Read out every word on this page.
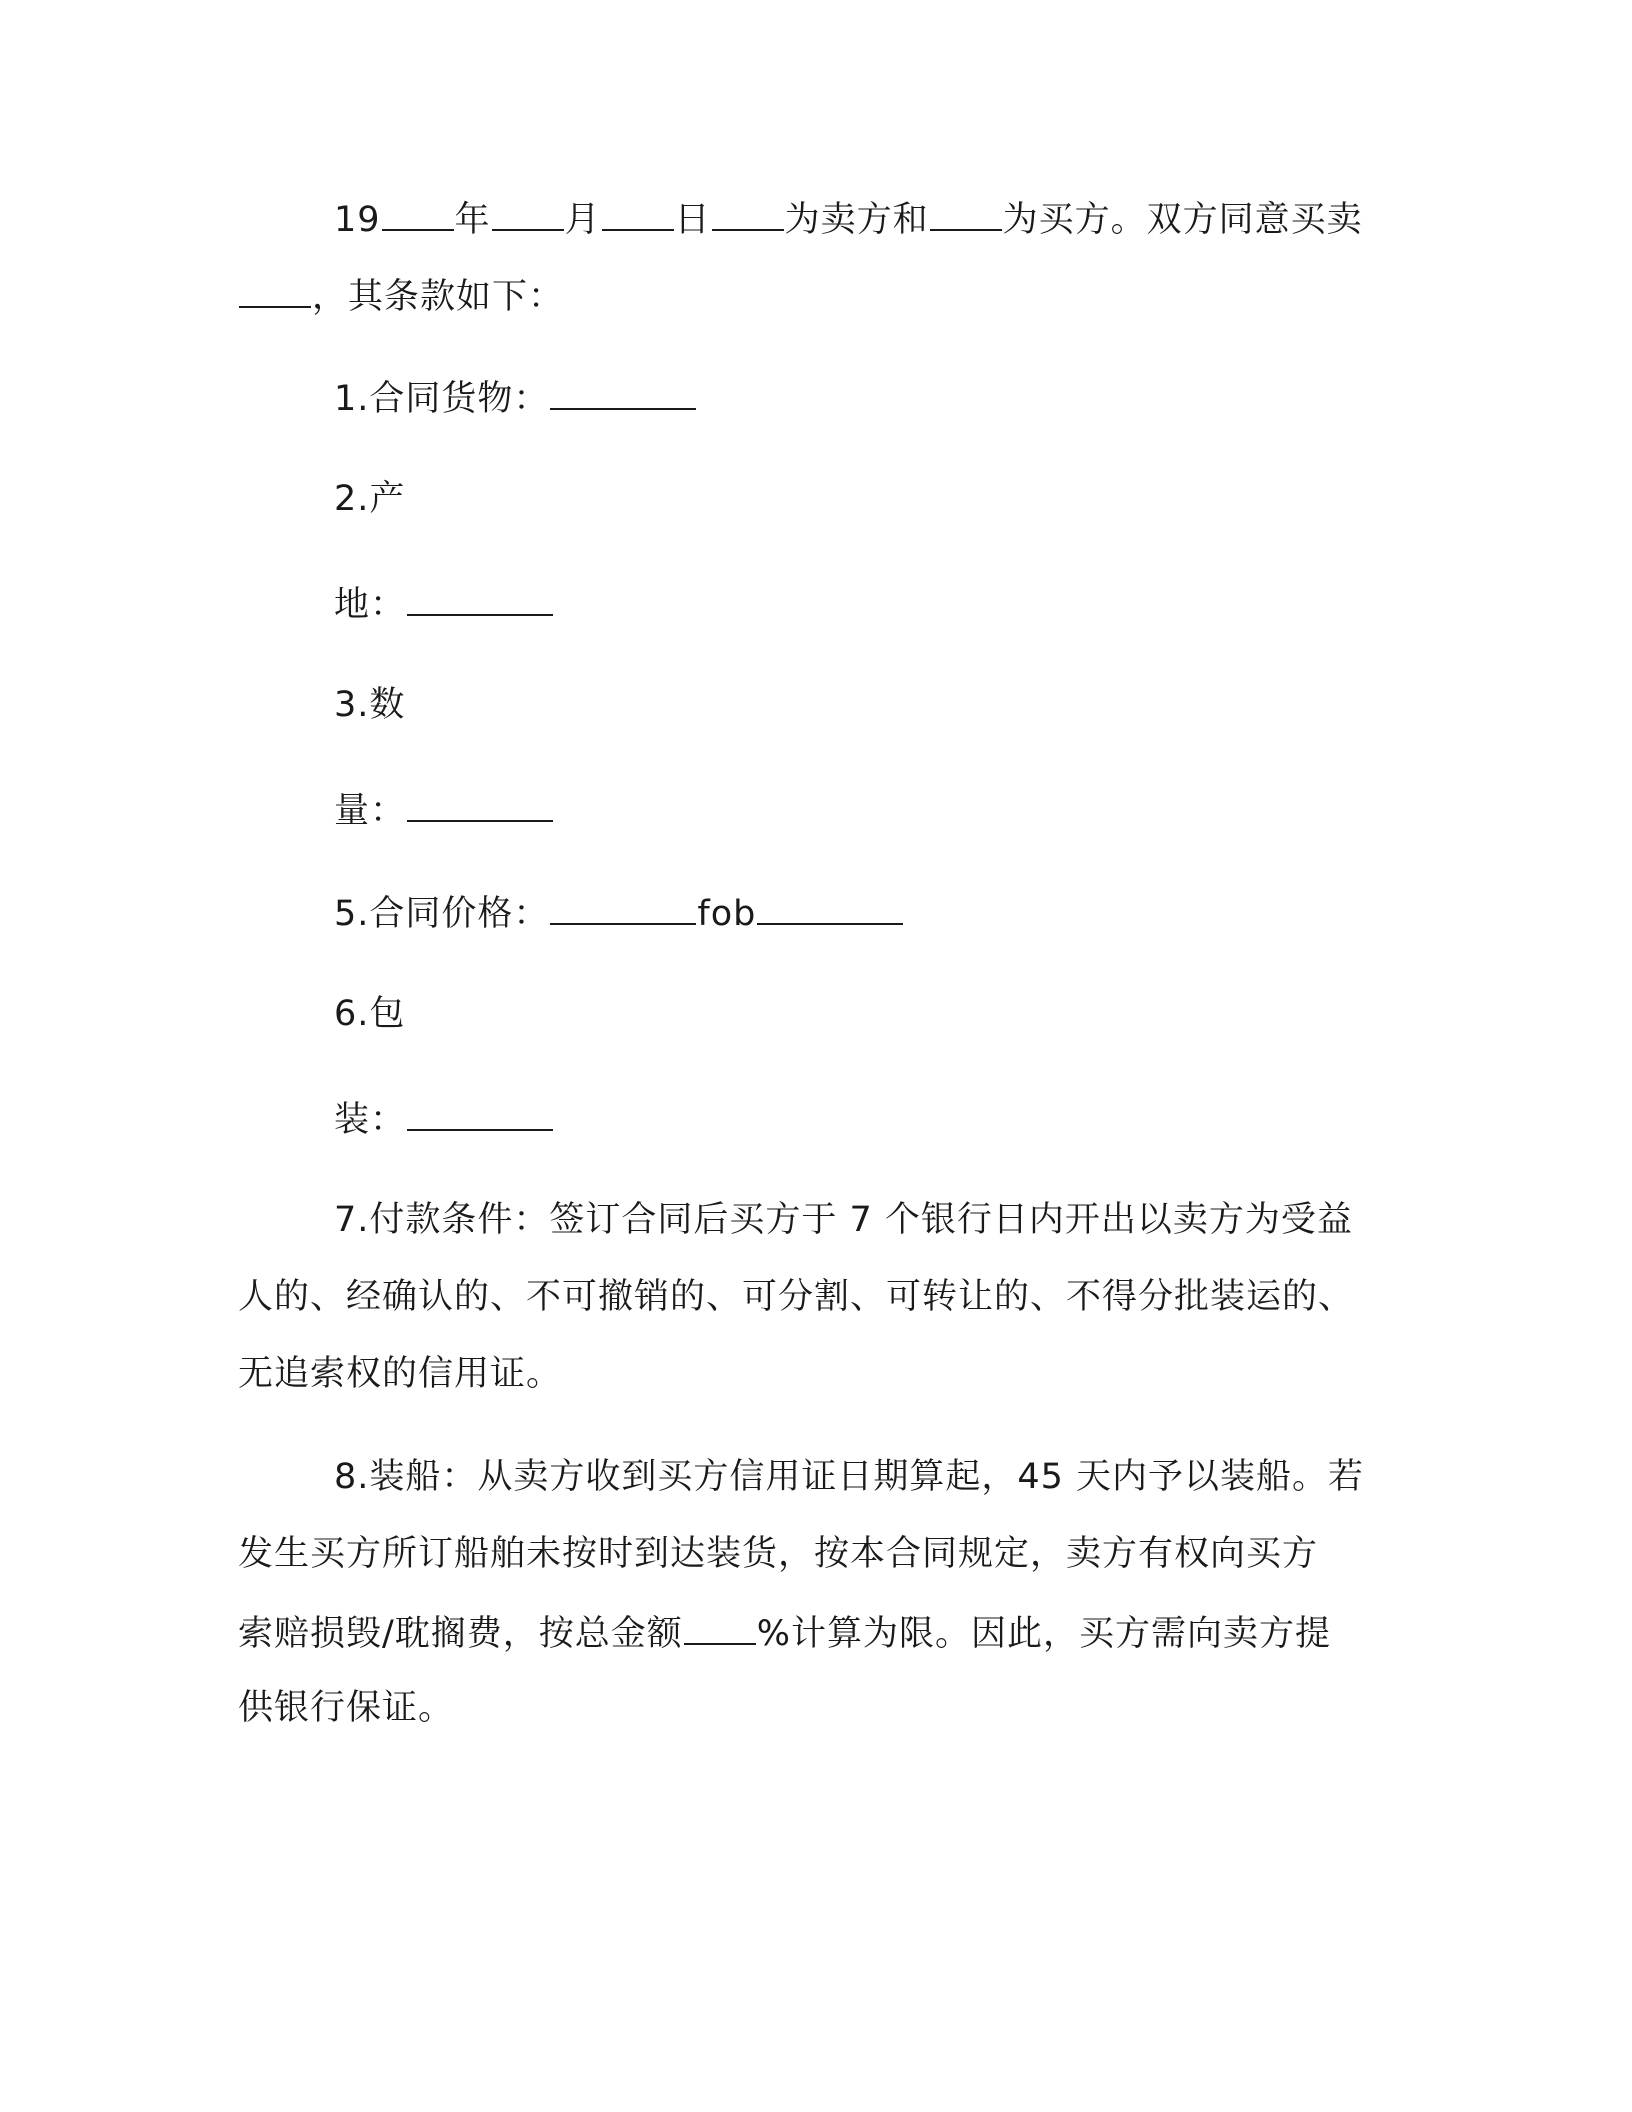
19 年 月 日 为卖方和 为买方。双方同意买卖
，其条款如下：
1.合同货物：
2.产
地：
3.数
量：
5.合同价格：	fob
6.包
装：
7.付款条件：签订合同后买方于 7 个银行日内开出以卖方为受益
人的、经确认的、不可撤销的、可分割、可转让的、不得分批装运的、
无追索权的信用证。
8.装船：从卖方收到买方信用证日期算起，45 天内予以装船。若
发生买方所订船舶未按时到达装货，按本合同规定，卖方有权向买方
索赔损毁/耽搁费，按总金额 %计算为限。因此，买方需向卖方提
供银行保证。
